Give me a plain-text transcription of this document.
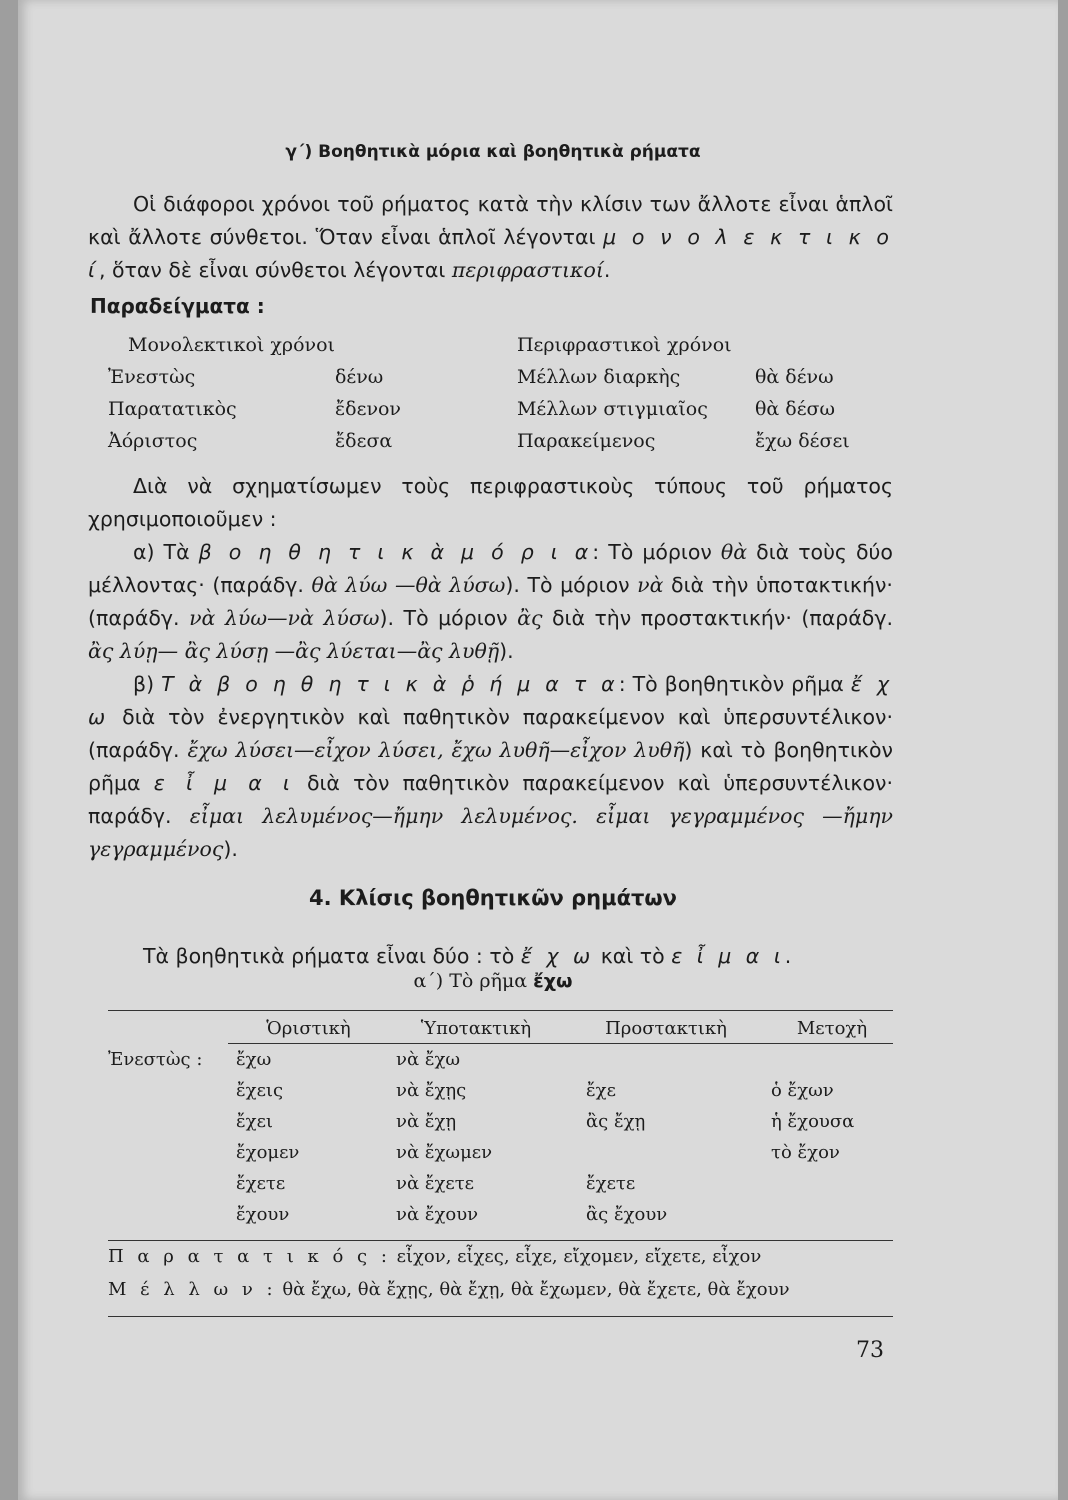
γ΄) Βοηθητικὰ μόρια καὶ βοηθητικὰ ρήματα
Οἱ διάφοροι χρόνοι τοῦ ρήματος κατὰ τὴν κλίσιν των ἄλλοτε εἶναι ἁπλοῖ καὶ ἄλλοτε σύνθετοι. Ὅταν εἶναι ἁπλοῖ λέγονται μ ο ν ο λ ε κ τ ι κ ο ί, ὅταν δὲ εἶναι σύνθετοι λέγονται περιφραστικοί.
Παραδείγματα :
Μονολεκτικοὶ χρόνοι		Περιφραστικοὶ χρόνοι	
Ἐνεστὼς	δένω	Μέλλων διαρκὴς	θὰ δένω
Παρατατικὸς	ἔδενον	Μέλλων στιγμιαῖος	θὰ δέσω
Ἀόριστος	ἔδεσα	Παρακείμενος	ἔχω δέσει
Διὰ νὰ σχηματίσωμεν τοὺς περιφραστικοὺς τύπους τοῦ ρήματος χρησιμοποιοῦμεν :
α) Τὰ β ο η θ η τ ι κ ὰ μ ό ρ ι α: Τὸ μόριον θὰ διὰ τοὺς δύο μέλλοντας· (παράδγ. θὰ λύω —θὰ λύσω). Τὸ μόριον νὰ διὰ τὴν ὑποτακτικήν· (παράδγ. νὰ λύω—νὰ λύσω). Τὸ μόριον ἂς διὰ τὴν προστακτικήν· (παράδγ. ἂς λύῃ— ἂς λύσῃ —ἂς λύεται—ἂς λυθῇ).
β) Τ ὰ β ο η θ η τ ι κ ὰ ῥ ή μ α τ α: Τὸ βοηθητικὸν ρῆμα ἔ χ ω διὰ τὸν ἐνεργητικὸν καὶ παθητικὸν παρακείμενον καὶ ὑπερσυντέλικον· (παράδγ. ἔχω λύσει—εἶχον λύσει, ἔχω λυθῆ—εἶχον λυθῆ) καὶ τὸ βοηθητικὸν ρῆμα ε ἶ μ α ι διὰ τὸν παθητικὸν παρακείμενον καὶ ὑπερσυντέλικον· παράδγ. εἶμαι λελυμένος—ἤμην λελυμένος. εἶμαι γεγραμμένος —ἤμην γεγραμμένος).
4. Κλίσις βοηθητικῶν ρημάτων
Τὰ βοηθητικὰ ρήματα εἶναι δύο : τὸ ἔ χ ω καὶ τὸ ε ἶ μ α ι.
α΄) Τὸ ρῆμα ἔχω
	Ὁριστικὴ	Ὑποτακτικὴ	Προστακτικὴ	Μετοχὴ
Ἐνεστὼς :	ἔχω	νὰ ἔχω		
	ἔχεις	νὰ ἔχῃς	ἔχε	ὁ ἔχων
	ἔχει	νὰ ἔχῃ	ἂς ἔχῃ	ἡ ἔχουσα
	ἔχομεν	νὰ ἔχωμεν		τὸ ἔχον
	ἔχετε	νὰ ἔχετε	ἔχετε	
	ἔχουν	νὰ ἔχουν	ἂς ἔχουν	
Π α ρ α τ α τ ι κ ό ς : εἶχον, εἶχες, εἶχε, εἴχομεν, εἴχετε, εἶχον
Μ έ λ λ ω ν : θὰ ἔχω, θὰ ἔχῃς, θὰ ἔχῃ, θὰ ἔχωμεν, θὰ ἔχετε, θὰ ἔχουν
73
